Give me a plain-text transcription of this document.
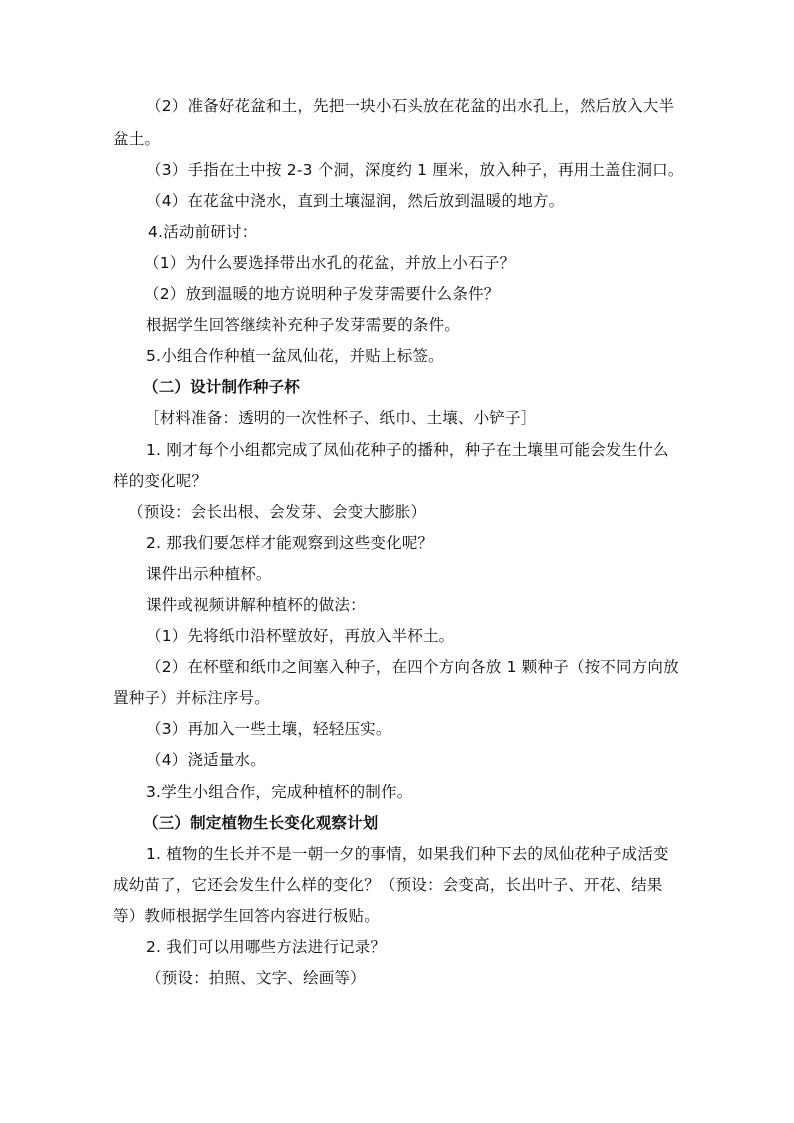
（2）准备好花盆和土，先把一块小石头放在花盆的出水孔上，然后放入大半
盆土。
（3）手指在土中按 2-3 个洞，深度约 1 厘米，放入种子，再用土盖住洞口。
（4）在花盆中浇水，直到土壤湿润，然后放到温暖的地方。
4.活动前研讨：
（1）为什么要选择带出水孔的花盆，并放上小石子？
（2）放到温暖的地方说明种子发芽需要什么条件？
根据学生回答继续补充种子发芽需要的条件。
5.小组合作种植一盆凤仙花，并贴上标签。
（二）设计制作种子杯
［材料准备：透明的一次性杯子、纸巾、土壤、小铲子］
1. 刚才每个小组都完成了凤仙花种子的播种，种子在土壤里可能会发生什么
样的变化呢？
（预设：会长出根、会发芽、会变大膨胀）
2. 那我们要怎样才能观察到这些变化呢？
课件出示种植杯。
课件或视频讲解种植杯的做法：
（1）先将纸巾沿杯壁放好，再放入半杯土。
（2）在杯壁和纸巾之间塞入种子，在四个方向各放 1 颗种子（按不同方向放
置种子）并标注序号。
（3）再加入一些土壤，轻轻压实。
（4）浇适量水。
3.学生小组合作，完成种植杯的制作。
（三）制定植物生长变化观察计划
1. 植物的生长并不是一朝一夕的事情，如果我们种下去的凤仙花种子成活变
成幼苗了，它还会发生什么样的变化？（预设：会变高，长出叶子、开花、结果
等）教师根据学生回答内容进行板贴。
2. 我们可以用哪些方法进行记录？
（预设：拍照、文字、绘画等）
